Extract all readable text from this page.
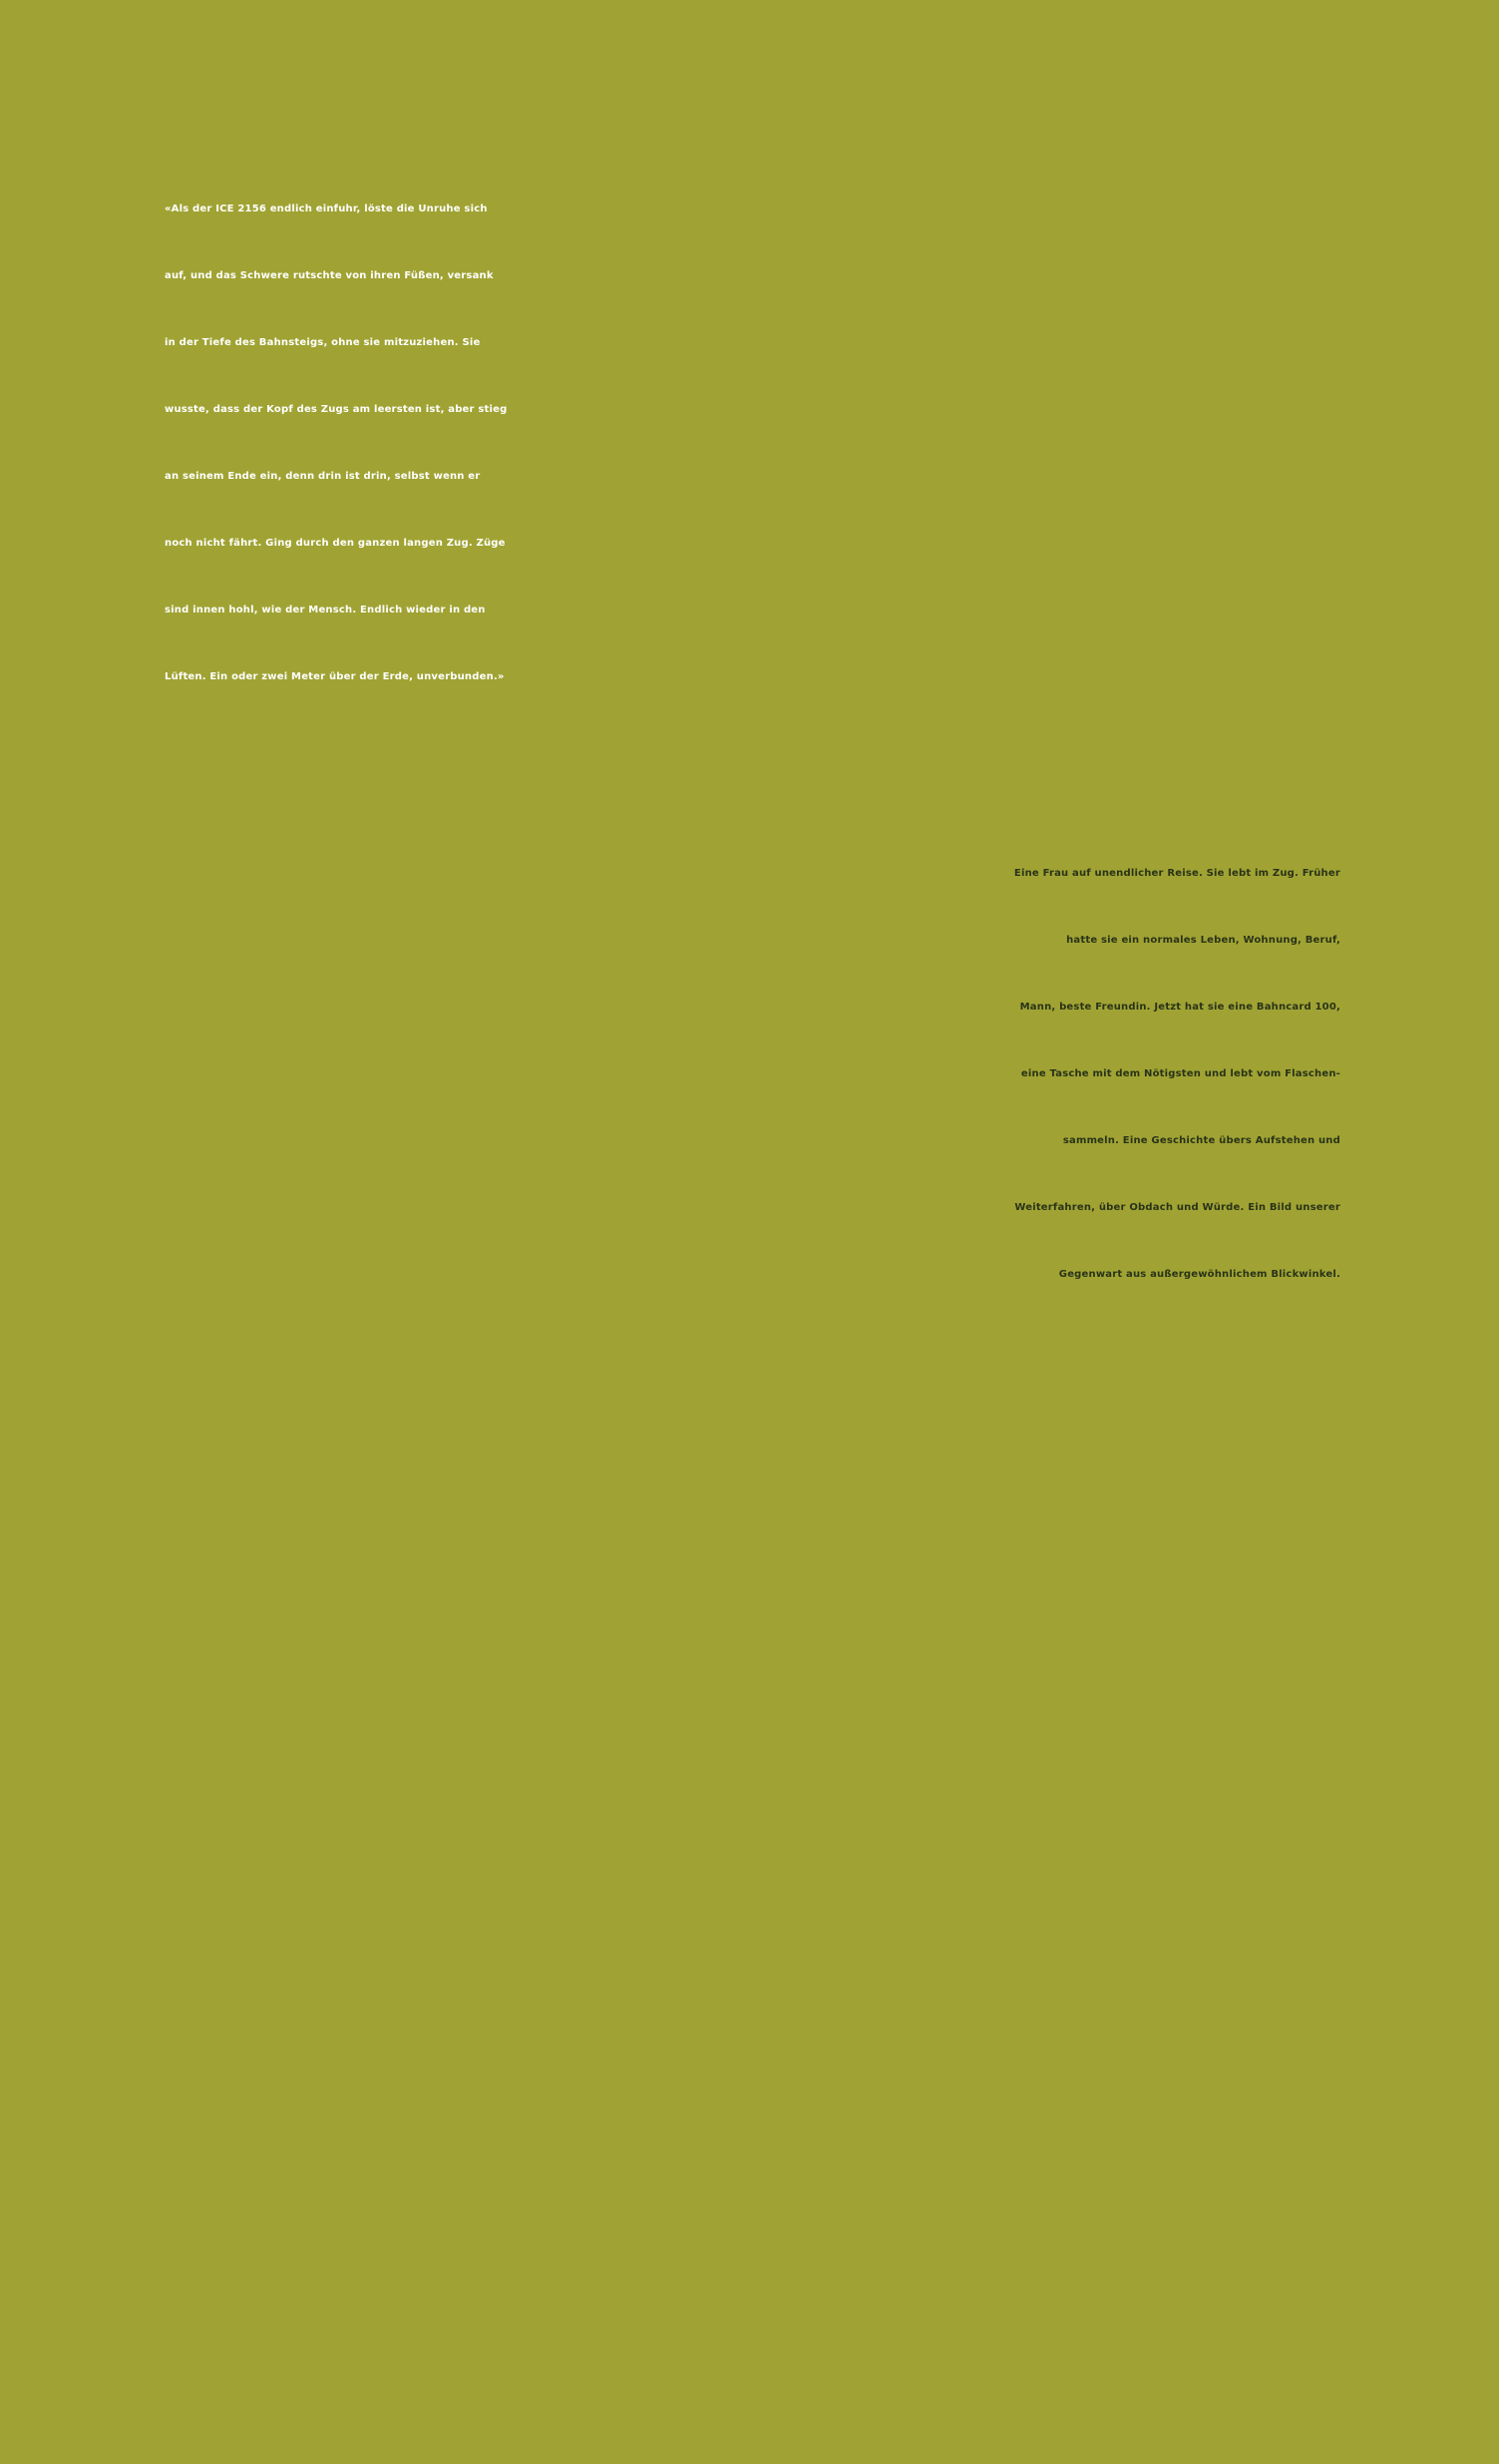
«Als der ICE 2156 endlich einfuhr, löste die Unruhe sich
auf, und das Schwere rutschte von ihren Füßen, versank
in der Tiefe des Bahnsteigs, ohne sie mitzuziehen. Sie
wusste, dass der Kopf des Zugs am leersten ist, aber stieg
an seinem Ende ein, denn drin ist drin, selbst wenn er
noch nicht fährt. Ging durch den ganzen langen Zug. Züge
sind innen hohl, wie der Mensch. Endlich wieder in den
Lüften. Ein oder zwei Meter über der Erde, unverbunden.»

Eine Frau auf unendlicher Reise. Sie lebt im Zug. Früher
hatte sie ein normales Leben, Wohnung, Beruf,
Mann, beste Freundin. Jetzt hat sie eine Bahncard 100,
eine Tasche mit dem Nötigsten und lebt vom Flaschen-
sammeln. Eine Geschichte übers Aufstehen und
Weiterfahren, über Obdach und Würde. Ein Bild unserer
Gegenwart aus außergewöhnlichem Blickwinkel.
